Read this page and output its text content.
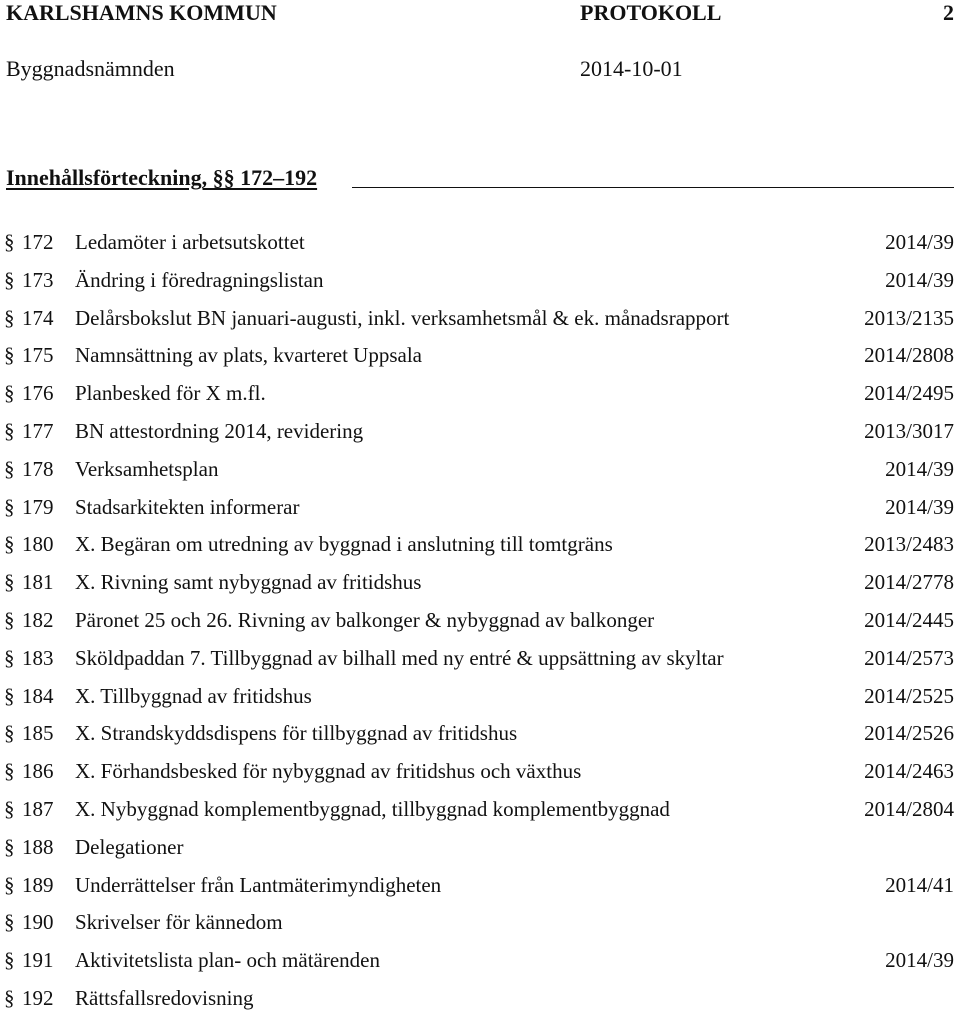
KARLSHAMNS KOMMUN	PROTOKOLL	2
Byggnadsnämnden	2014-10-01
Innehållsförteckning, §§ 172–192
§ 172 Ledamöter i arbetsutskottet	2014/39
§ 173 Ändring i föredragningslistan	2014/39
§ 174 Delårsbokslut BN januari-augusti, inkl. verksamhetsmål & ek. månadsrapport	2013/2135
§ 175 Namnsättning av plats, kvarteret Uppsala	2014/2808
§ 176 Planbesked för X m.fl.	2014/2495
§ 177 BN attestordning 2014, revidering	2013/3017
§ 178 Verksamhetsplan	2014/39
§ 179 Stadsarkitekten informerar	2014/39
§ 180 X. Begäran om utredning av byggnad i anslutning till tomtgräns	2013/2483
§ 181 X. Rivning samt nybyggnad av fritidshus	2014/2778
§ 182 Päronet 25 och 26. Rivning av balkonger & nybyggnad av balkonger	2014/2445
§ 183 Sköldpaddan 7. Tillbyggnad av bilhall med ny entré & uppsättning av skyltar	2014/2573
§ 184 X. Tillbyggnad av fritidshus	2014/2525
§ 185 X. Strandskyddsdispens för tillbyggnad av fritidshus	2014/2526
§ 186 X. Förhandsbesked för nybyggnad av fritidshus och växthus	2014/2463
§ 187 X. Nybyggnad komplementbyggnad, tillbyggnad komplementbyggnad	2014/2804
§ 188 Delegationer
§ 189 Underrättelser från Lantmäterimyndigheten	2014/41
§ 190 Skrivelser för kännedom
§ 191 Aktivitetslista plan- och mätärenden	2014/39
§ 192 Rättsfallsredovisning
